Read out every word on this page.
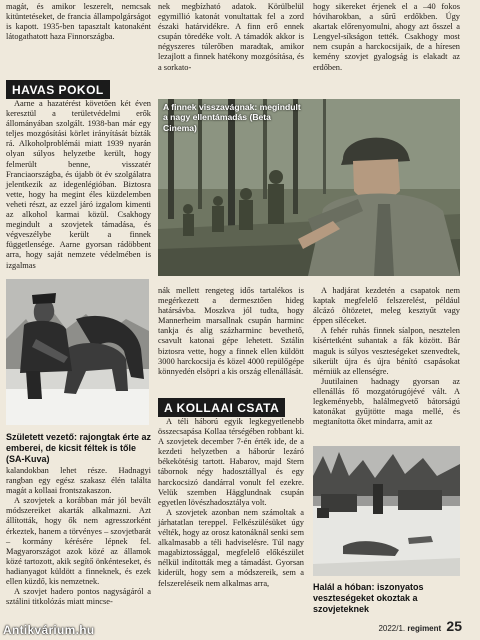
magát, és amikor leszerelt, nemcsak kitüntetéseket, de francia állampolgárságot is kapott. 1935-ben tapasztalt katonaként látogathatott haza Finnországba.

HAVAS POKOL

Aarne a hazatérést követően két éven keresztül a területvédelmi erők állományában szolgált. 1938-ban már egy teljes mozgósítási körlet irányítását bízták rá. Alkoholproblémái miatt 1939 nyarán olyan súlyos helyzetbe került, hogy felmerült benne, visszatér Franciaországba, és újabb öt év szolgálatra jelentkezik az idegenlégióban. Biztosra vette, hogy ha megint éles küzdelemben veheti részt, az ezzel járó izgalom kimenti az alkohol karmai közül. Csakhogy megindult a szovjetek támadása, és végveszélybe került a finnek függetlensége. Aarne gyorsan rádöbbent arra, hogy saját nemzete védelmében is izgalmas

Született vezető: rajongtak érte az emberei, de kicsit féltek is tőle (SA-Kuva)

kalandokban lehet része. Hadnagyi rangban egy egész szakasz élén találta magát a kollaai frontszakaszon.

A szovjetek a korábban már jól bevált módszereiket akarták alkalmazni. Azt állították, hogy ők nem agresszorként érkeztek, hanem a törvényes – szovjetbarát – kormány kérésére lépnek fel. Magyarországot azok közé az államok közé tartozott, akik segítő önkénteseket, és hadianyagot küldött a finneknek, és ezek ellen küzdő, kis nemzetnek.

A szovjet hadero pontos nagyságáról a sztálini titkolózás miatt mincse-

nek megbízható adatok. Körülbelül egymillió katonát vonultattak fel a zord északi határvidékre. A finn erő ennek csupán töredéke volt. A támadók akkor is négyszeres túlerőben maradtak, amikor lezajlott a finnek hatékony mozgósítása, és a sorkato-

hogy sikereket érjenek el a –40 fokos hóviharokban, a sűrű erdőkben. Úgy akartak előrenyomulni, ahogy azt ősszel a Lengyel-síkságon tették. Csakhogy most nem csupán a harckocsijaik, de a híresen kemény szovjet gyalogság is elakadt az erdőben.

A finnek visszavágnak: megindult a nagy ellentámadás (Beta Cinema)

nák mellett rengeteg idős tartalékos is megérkezett a dermesztően hideg határsávba. Moszkva jól tudta, hogy Mannerheim marsallnak csupán harminc tankja és alig százharminc bevethető, csavult katonai gépe lehetett. Sztálin biztosra vette, hogy a finnek ellen küldött 3000 harckocsija és közel 4000 repülőgépe könnyedén elsöpri a kis ország ellenállását.

A KOLLAAI CSATA

A téli háború egyik legkegyetlenebb összecsapása Kollaa térségében robbant ki. A szovjetek december 7-én érték ide, de a kezdeti helyzetben a háborúr lezáró békekötésig tartott. Habarov, majd Stern tábornok négy hadosztállyal és egy harckocsizó dandárral vonult fel ezekre. Velük szemben Hägglundnak csupán egyetlen lövészhadosztálya volt.

A szovjetek azonban nem számoltak a járhatatlan tereppel. Felkészülésüket úgy vélték, hogy az orosz katonáknál senki sem alkalmasabb a téli hadviselésre. Túl nagy magabiztossággal, megfelelő előkészület nélkül indították meg a támadást. Gyorsan kiderült, hogy sem a módszereik, sem a felszereléseik nem alkalmas arra,

A hadjárat kezdetén a csapatok nem kaptak megfelelő felszerelést, például álcázó öltözetet, meleg kesztyűt vagy éppen síléceket.

A fehér ruhás finnek síalpon, nesztelen kísértetként suhantak a fák között. Bár maguk is súlyos veszteségeket szenvedtek, sikerült újra és újra bénító csapásokat mérniük az ellenségre.

Juutilainen hadnagy gyorsan az ellenállás fő mozgatórugójévé vált. A legkeményebb, halálmegvető bátorságú katonákat gyűjtötte maga mellé, és megtanította őket mindarra, amit az

Halál a hóban: iszonyatos veszteségeket okoztak a szovjeteknek
2022/1. regiment 25
Antikvárium.hu
